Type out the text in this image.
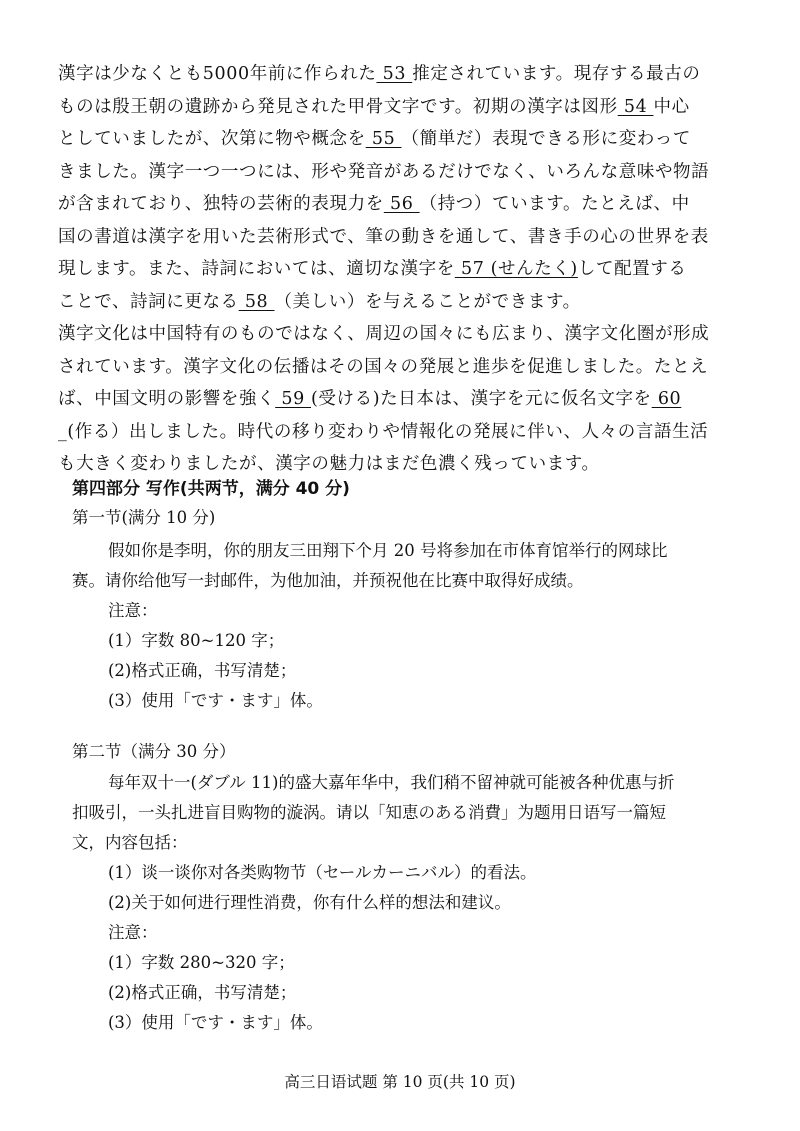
漢字は少なくとも5000年前に作られた 53 推定されています。現存する最古の
ものは殷王朝の遺跡から発見された甲骨文字です。初期の漢字は図形 54 中心
としていましたが、次第に物や概念を 55 （簡単だ）表現できる形に変わって
きました。漢字一つ一つには、形や発音があるだけでなく、いろんな意味や物語
が含まれており、独特の芸術的表現力を 56 （持つ）ています。たとえば、中
国の書道は漢字を用いた芸術形式で、筆の動きを通して、書き手の心の世界を表
現します。また、詩詞においては、適切な漢字を 57 (せんたく)して配置する
ことで、詩詞に更なる 58 （美しい）を与えることができます。
漢字文化は中国特有のものではなく、周辺の国々にも広まり、漢字文化圏が形成
されています。漢字文化の伝播はその国々の発展と進歩を促進しました。たとえ
ば、中国文明の影響を強く 59 (受ける)た日本は、漢字を元に仮名文字を 60
_(作る）出しました。時代の移り変わりや情報化の発展に伴い、人々の言語生活
も大きく変わりましたが、漢字の魅力はまだ色濃く残っています。
第四部分 写作(共两节，满分 40 分)
第一节(满分 10 分)
假如你是李明，你的朋友三田翔下个月 20 号将参加在市体育馆举行的网球比
赛。请你给他写一封邮件，为他加油，并预祝他在比赛中取得好成绩。
注意：
(1）字数 80~120 字；
(2)格式正确，书写清楚；
(3）使用「です・ます」体。
第二节（满分 30 分）
每年双十一(ダブル 11)的盛大嘉年华中，我们稍不留神就可能被各种优惠与折
扣吸引，一头扎进盲目购物的漩涡。请以「知恵のある消費」为题用日语写一篇短
文，内容包括：
(1）谈一谈你对各类购物节（セールカーニバル）的看法。
(2)关于如何进行理性消费，你有什么样的想法和建议。
注意：
(1）字数 280~320 字；
(2)格式正确，书写清楚；
(3）使用「です・ます」体。
高三日语试题 第 10 页(共 10 页)
